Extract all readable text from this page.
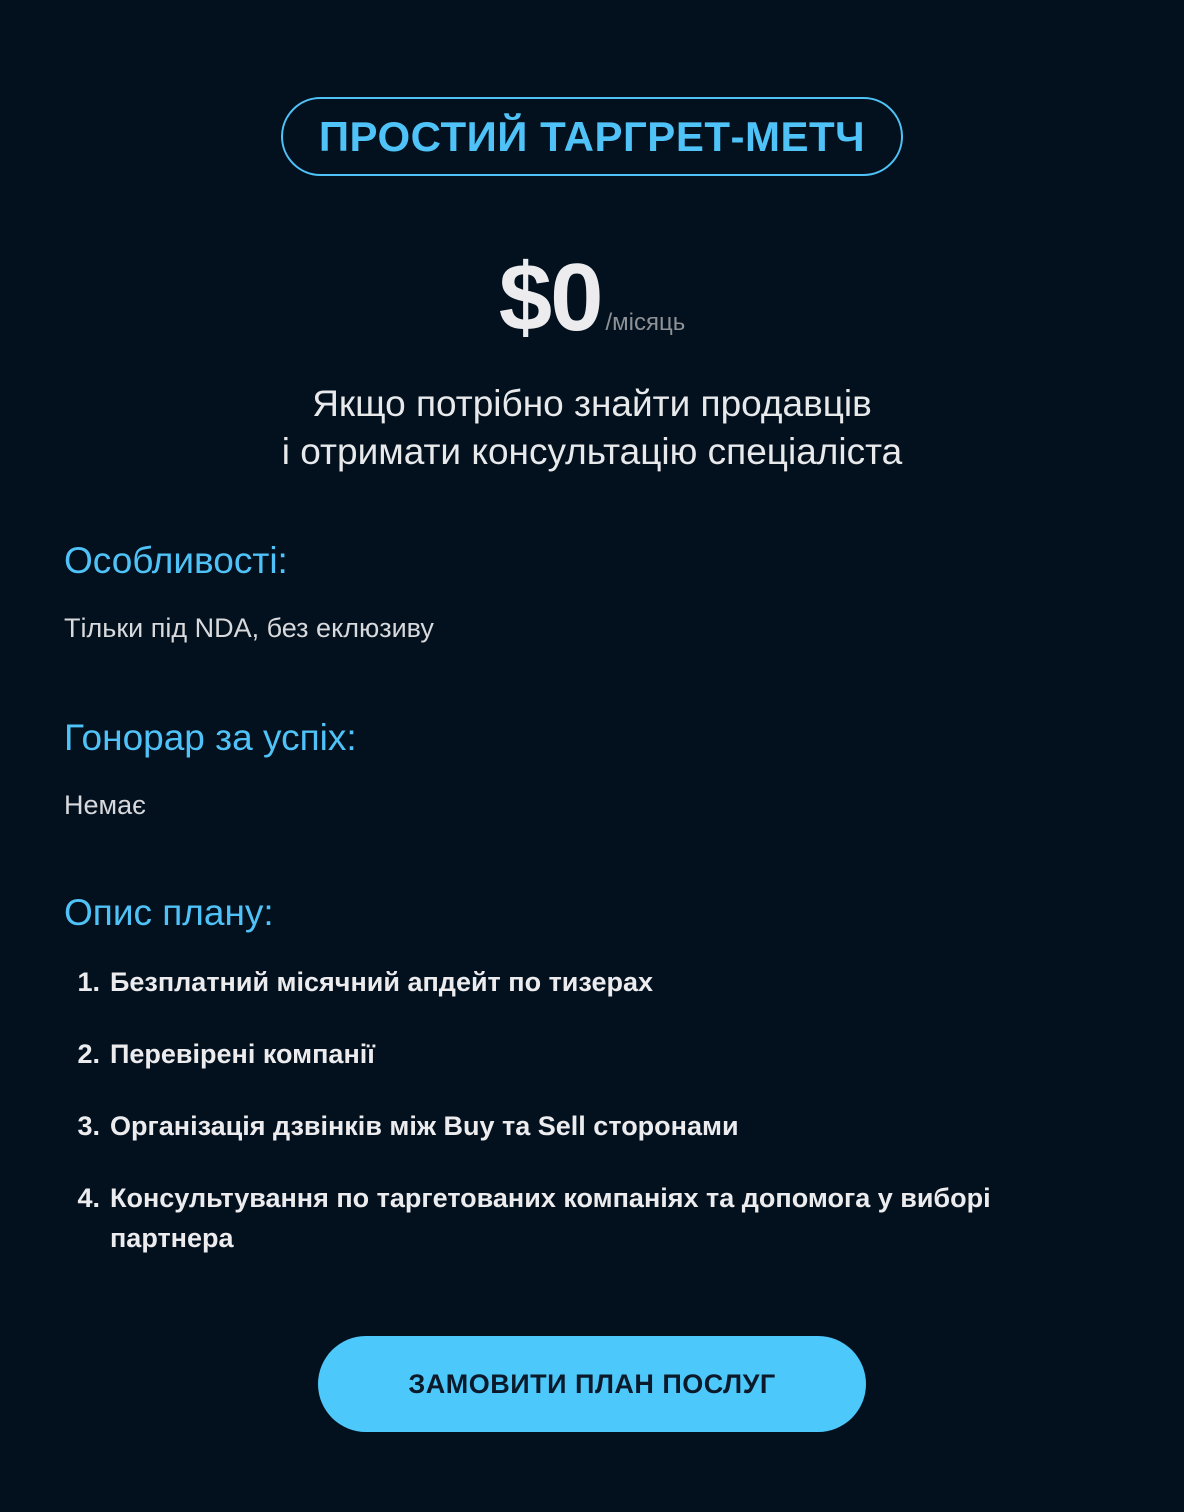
ПРОСТИЙ ТАРГРЕТ-МЕТЧ
$0 /місяць
Якщо потрібно знайти продавців
і отримати консультацію спеціаліста
Особливості:
Тільки під NDA, без еклюзиву
Гонорар за успіх:
Немає
Опис плану:
1. Безплатний місячний апдейт по тизерах
2. Перевірені компанії
3. Організація дзвінків між Buy та Sell сторонами
4. Консультування по таргетованих компаніях та допомога у виборі партнера
ЗАМОВИТИ ПЛАН ПОСЛУГ
